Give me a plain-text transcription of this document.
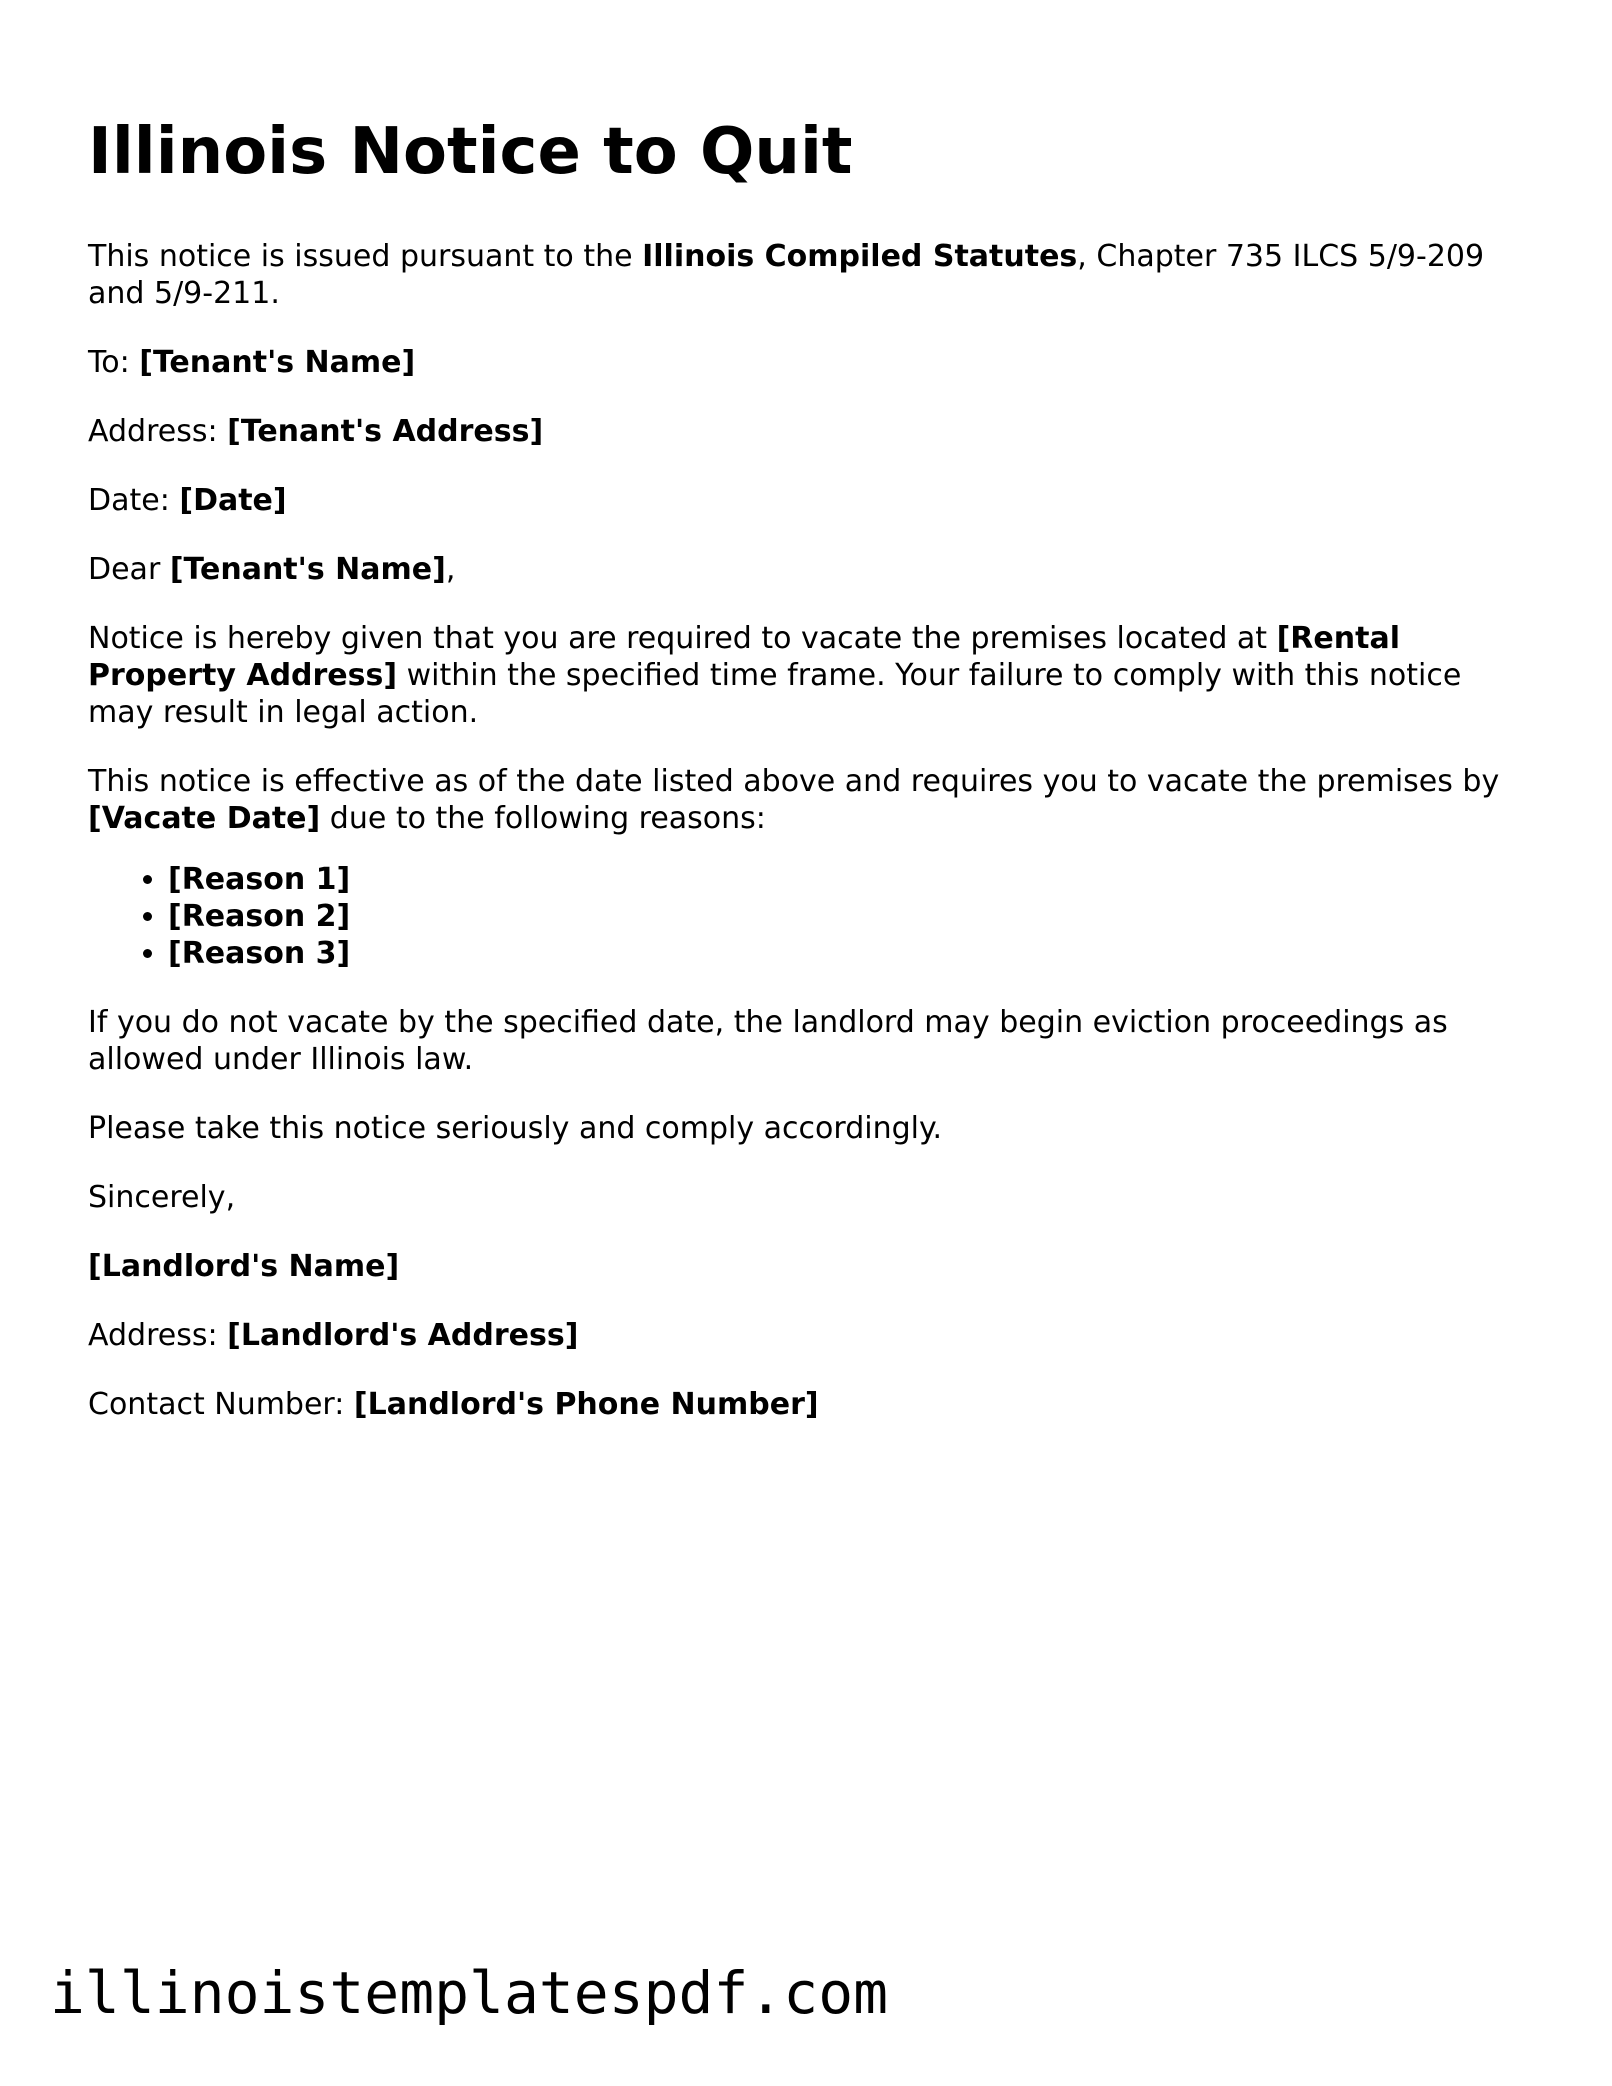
Illinois Notice to Quit

This notice is issued pursuant to the Illinois Compiled Statutes, Chapter 735 ILCS 5/9-209 and 5/9-211.

To: [Tenant's Name]

Address: [Tenant's Address]

Date: [Date]

Dear [Tenant's Name],

Notice is hereby given that you are required to vacate the premises located at [Rental Property Address] within the specified time frame. Your failure to comply with this notice may result in legal action.

This notice is effective as of the date listed above and requires you to vacate the premises by [Vacate Date] due to the following reasons:

• [Reason 1]
• [Reason 2]
• [Reason 3]

If you do not vacate by the specified date, the landlord may begin eviction proceedings as allowed under Illinois law.

Please take this notice seriously and comply accordingly.

Sincerely,

[Landlord's Name]

Address: [Landlord's Address]

Contact Number: [Landlord's Phone Number]

illinoistemplatespdf.com
